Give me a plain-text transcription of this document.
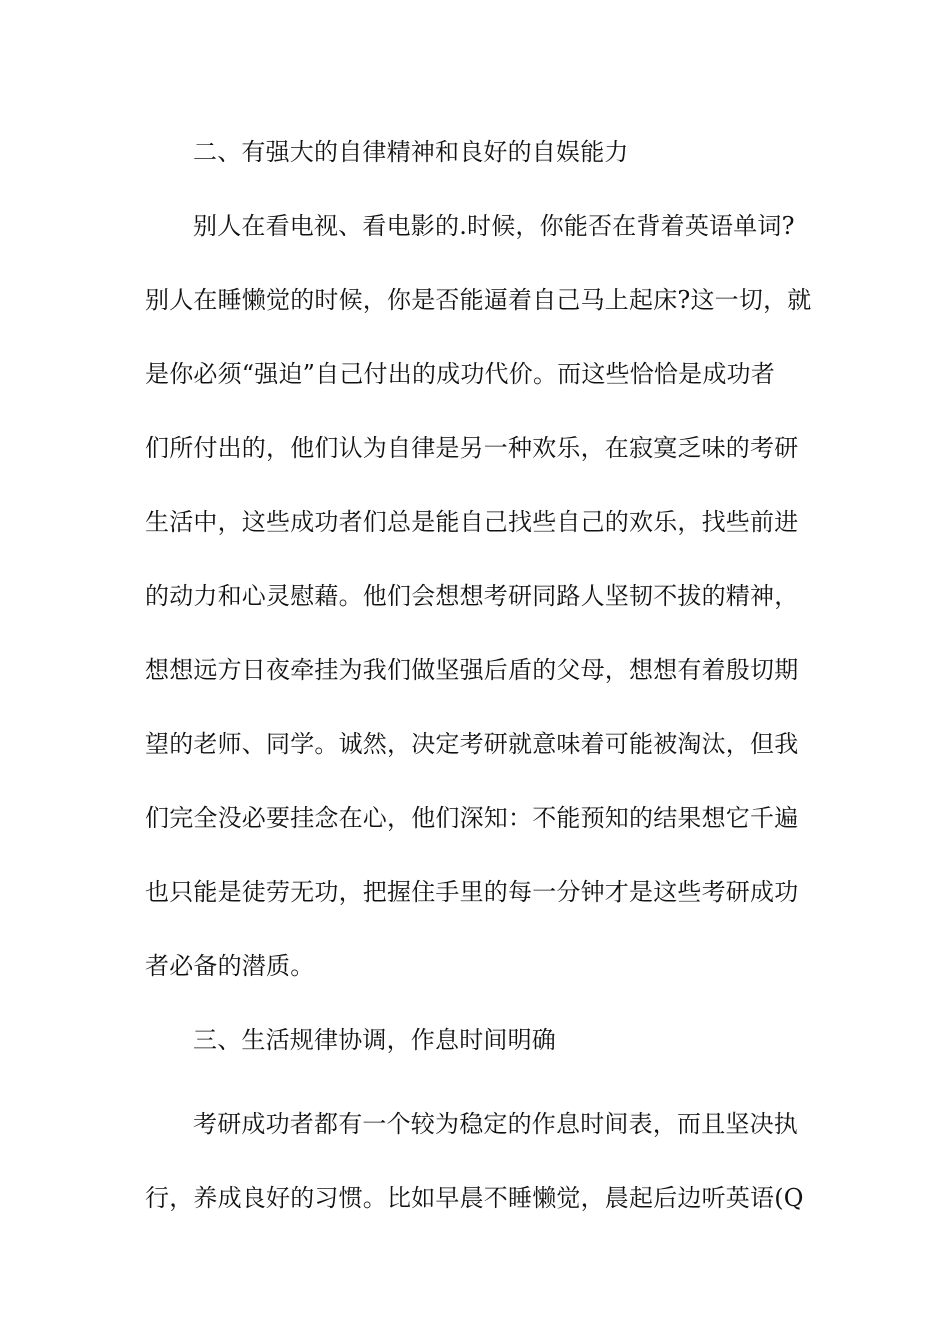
二、有强大的自律精神和良好的自娱能力
别人在看电视、看电影的.时候，你能否在背着英语单词?
别人在睡懒觉的时候，你是否能逼着自己马上起床?这一切，就
是你必须“强迫”自己付出的成功代价。而这些恰恰是成功者
们所付出的，他们认为自律是另一种欢乐，在寂寞乏味的考研
生活中，这些成功者们总是能自己找些自己的欢乐，找些前进
的动力和心灵慰藉。他们会想想考研同路人坚韧不拔的精神，
想想远方日夜牵挂为我们做坚强后盾的父母，想想有着殷切期
望的老师、同学。诚然，决定考研就意味着可能被淘汰，但我
们完全没必要挂念在心，他们深知：不能预知的结果想它千遍
也只能是徒劳无功，把握住手里的每一分钟才是这些考研成功
者必备的潜质。
三、生活规律协调，作息时间明确
考研成功者都有一个较为稳定的作息时间表，而且坚决执
行，养成良好的习惯。比如早晨不睡懒觉，晨起后边听英语(Q
